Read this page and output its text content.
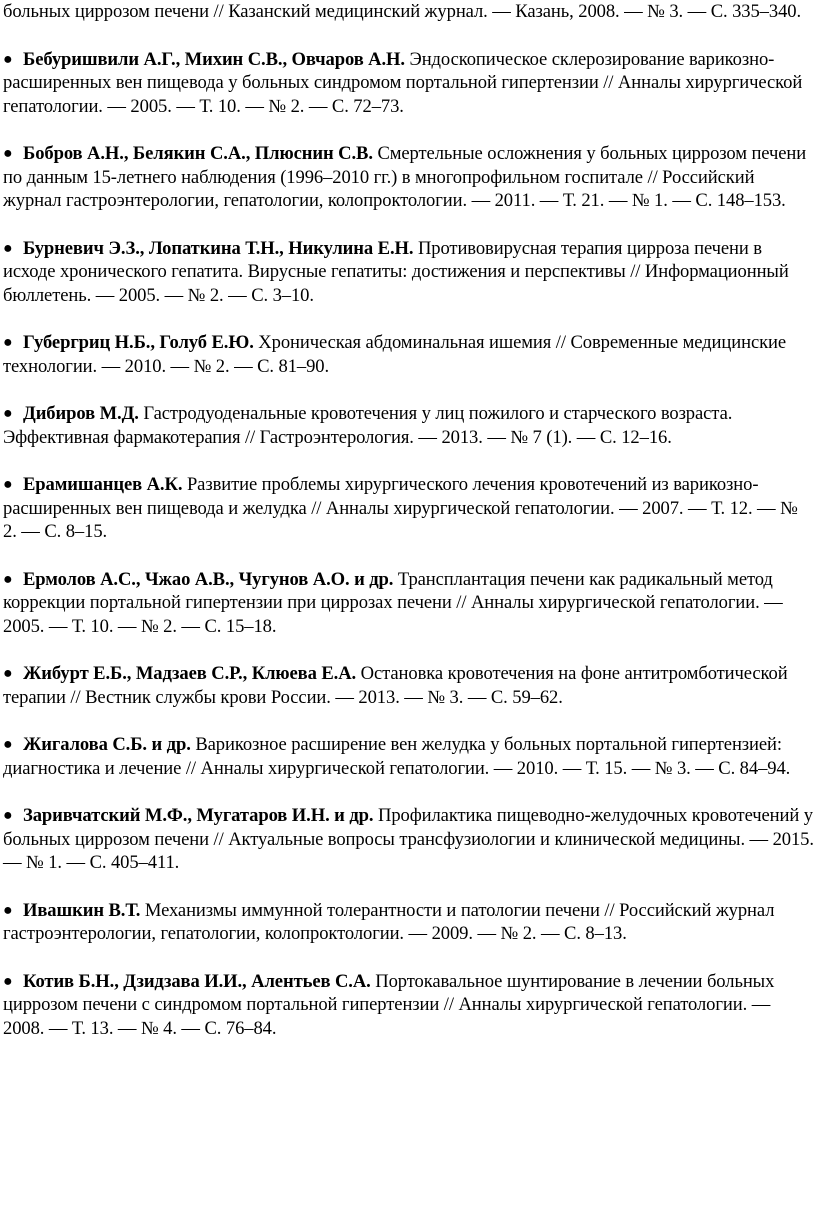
больных циррозом печени // Казанский медицинский журнал. — Казань, 2008. — № 3. — С. 335–340.

● Бебуришвили А.Г., Михин С.В., Овчаров А.Н. Эндоскопическое склерозирование варикозно-расширенных вен пищевода у больных синдромом портальной гипертензии // Анналы хирургической гепатологии. — 2005. — Т. 10. — № 2. — С. 72–73.
● Бобров А.Н., Белякин С.А., Плюснин С.В. Смертельные осложнения у больных циррозом печени по данным 15-летнего наблюдения (1996–2010 гг.) в многопрофильном госпитале // Российский журнал гастроэнтерологии, гепатологии, колопроктологии. — 2011. — Т. 21. — № 1. — С. 148–153.
● Бурневич Э.З., Лопаткина Т.Н., Никулина Е.Н. Противовирусная терапия цирроза печени в исходе хронического гепатита. Вирусные гепатиты: достижения и перспективы // Информационный бюллетень. — 2005. — № 2. — С. 3–10.
● Губергриц Н.Б., Голуб Е.Ю. Хроническая абдоминальная ишемия // Современные медицинские технологии. — 2010. — № 2. — С. 81–90.
● Дибиров М.Д. Гастродуоденальные кровотечения у лиц пожилого и старческого возраста. Эффективная фармакотерапия // Гастроэнтерология. — 2013. — № 7 (1). — С. 12–16.
● Ерамишанцев А.К. Развитие проблемы хирургического лечения кровотечений из варикозно-расширенных вен пищевода и желудка // Анналы хирургической гепатологии. — 2007. — Т. 12. — № 2. — С. 8–15.
● Ермолов А.С., Чжао А.В., Чугунов А.О. и др. Трансплантация печени как радикальный метод коррекции портальной гипертензии при циррозах печени // Анналы хирургической гепатологии. — 2005. — Т. 10. — № 2. — С. 15–18.
● Жибурт Е.Б., Мадзаев С.Р., Клюева Е.А. Остановка кровотечения на фоне антитромботической терапии // Вестник службы крови России. — 2013. — № 3. — С. 59–62.
● Жигалова С.Б. и др. Варикозное расширение вен желудка у больных портальной гипертензией: диагностика и лечение // Анналы хирургической гепатологии. — 2010. — Т. 15. — № 3. — С. 84–94.
● Заривчатский М.Ф., Мугатаров И.Н. и др. Профилактика пищеводно-желудочных кровотечений у больных циррозом печени // Актуальные вопросы трансфузиологии и клинической медицины. — 2015. — № 1. — С. 405–411.
● Ивашкин В.Т. Механизмы иммунной толерантности и патологии печени // Российский журнал гастроэнтерологии, гепатологии, колопроктологии. — 2009. — № 2. — С. 8–13.
● Котив Б.Н., Дзидзава И.И., Алентьев С.А. Портокавальное шунтирование в лечении больных циррозом печени с синдромом портальной гипертензии // Анналы хирургической гепатологии. — 2008. — Т. 13. — № 4. — С. 76–84.
